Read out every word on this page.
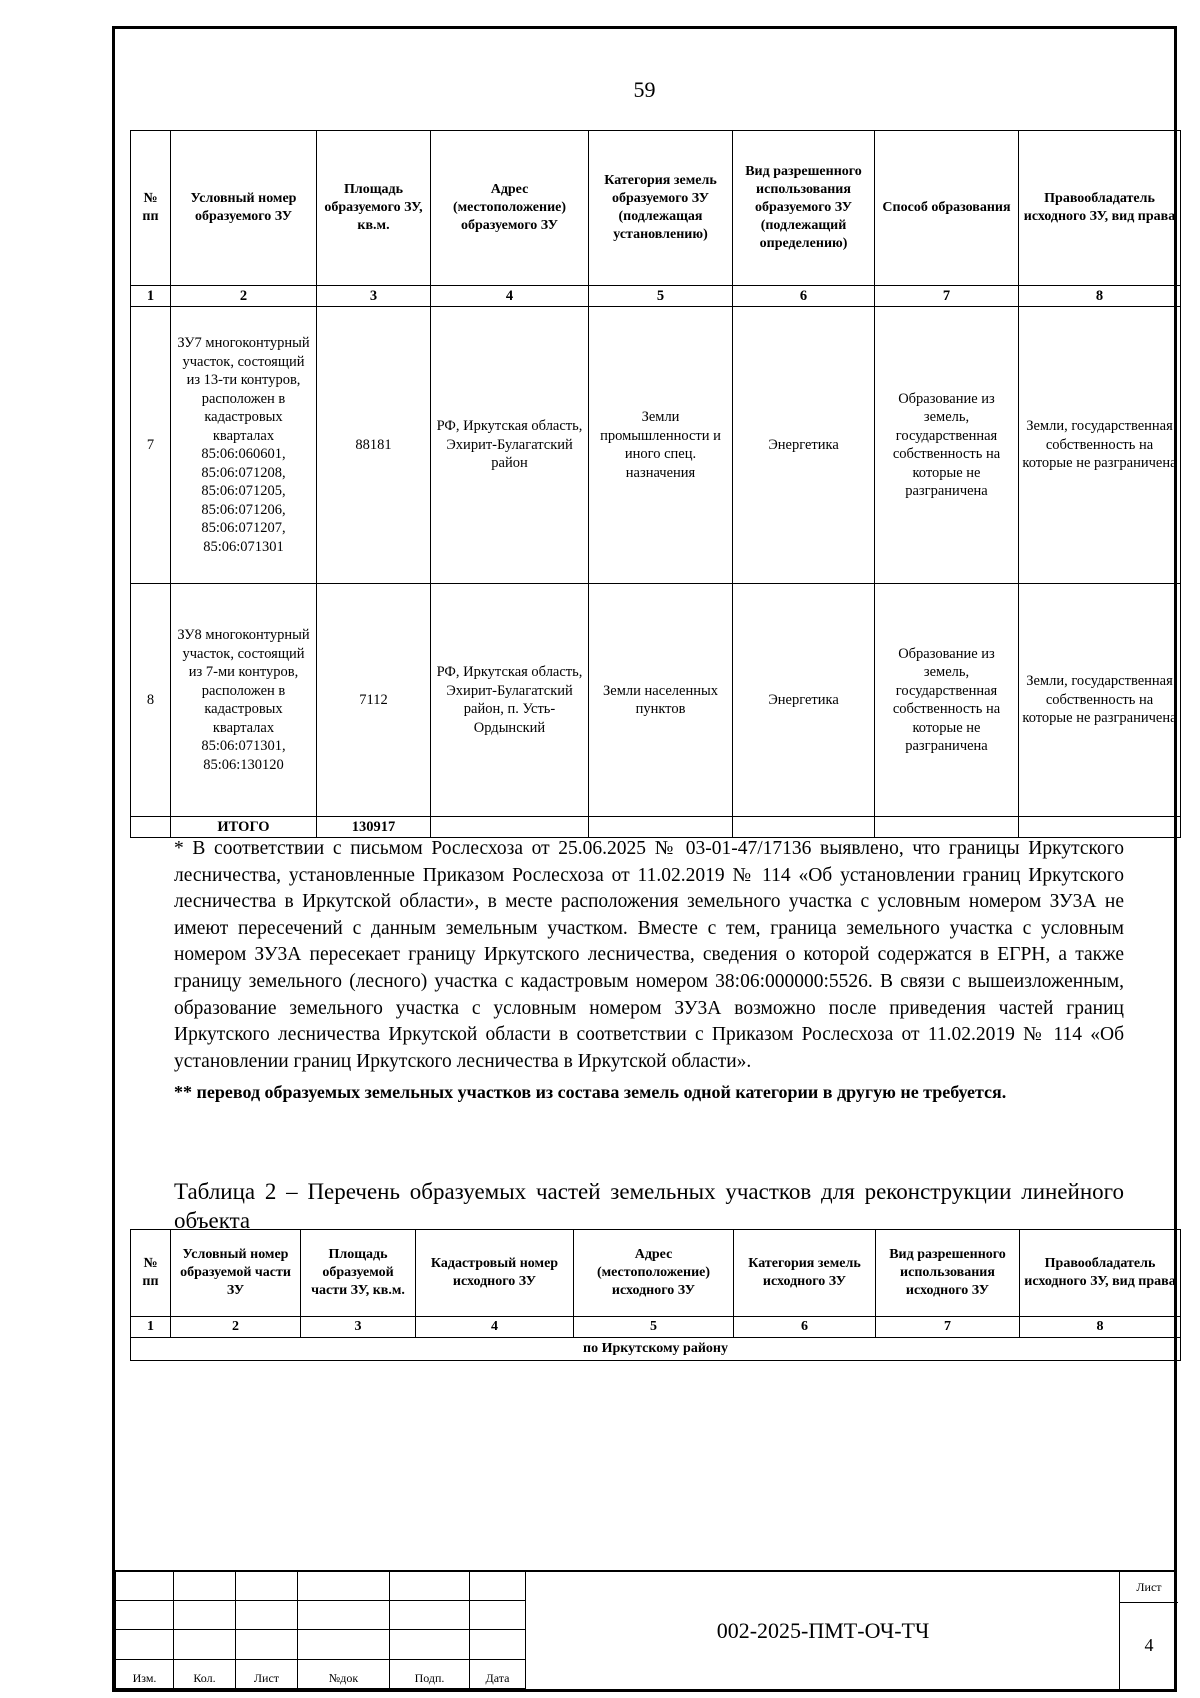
59
№ пп	Условный номер образуемого ЗУ	Площадь образуемого ЗУ, кв.м.	Адрес (местоположение) образуемого ЗУ	Категория земель образуемого ЗУ (подлежащая установлению)	Вид разрешенного использования образуемого ЗУ (подлежащий определению)	Способ образования	Правообладатель исходного ЗУ, вид права
1	2	3	4	5	6	7	8
7	ЗУ7 многоконтурный участок, состоящий из 13-ти контуров, расположен в кадастровых кварталах 85:06:060601, 85:06:071208, 85:06:071205, 85:06:071206, 85:06:071207, 85:06:071301	88181	РФ, Иркутская область, Эхирит-Булагатский район	Земли промышленности и иного спец. назначения	Энергетика	Образование из земель, государственная собственность на которые не разграничена	Земли, государственная собственность на которые не разграничена
8	ЗУ8 многоконтурный участок, состоящий из 7-ми контуров, расположен в кадастровых кварталах 85:06:071301, 85:06:130120	7112	РФ, Иркутская область, Эхирит-Булагатский район, п. Усть-Ордынский	Земли населенных пунктов	Энергетика	Образование из земель, государственная собственность на которые не разграничена	Земли, государственная собственность на которые не разграничена
	ИТОГО	130917					

* В соответствии с письмом Рослесхоза от 25.06.2025 № 03-01-47/17136 выявлено, что границы Иркутского лесничества, установленные Приказом Рослесхоза от 11.02.2019 № 114 «Об установлении границ Иркутского лесничества в Иркутской области», в месте расположения земельного участка с условным номером ЗУ3А не имеют пересечений с данным земельным участком. Вместе с тем, граница земельного участка с условным номером ЗУ3А пересекает границу Иркутского лесничества, сведения о которой содержатся в ЕГРН, а также границу земельного (лесного) участка с кадастровым номером 38:06:000000:5526. В связи с вышеизложенным, образование земельного участка с условным номером ЗУ3А возможно после приведения частей границ Иркутского лесничества Иркутской области в соответствии с Приказом Рослесхоза от 11.02.2019 № 114 «Об установлении границ Иркутского лесничества в Иркутской области».

** перевод образуемых земельных участков из состава земель одной категории в другую не требуется.

Таблица 2 – Перечень образуемых частей земельных участков для реконструкции линейного объекта
№ пп	Условный номер образуемой части ЗУ	Площадь образуемой части ЗУ, кв.м.	Кадастровый номер исходного ЗУ	Адрес (местоположение) исходного ЗУ	Категория земель исходного ЗУ	Вид разрешенного использования исходного ЗУ	Правообладатель исходного ЗУ, вид права
1	2	3	4	5	6	7	8
по Иркутскому району							

Изм.	Кол.	Лист	№док	Подп.	Дата
002-2025-ПМТ-ОЧ-ТЧ
Лист
4
